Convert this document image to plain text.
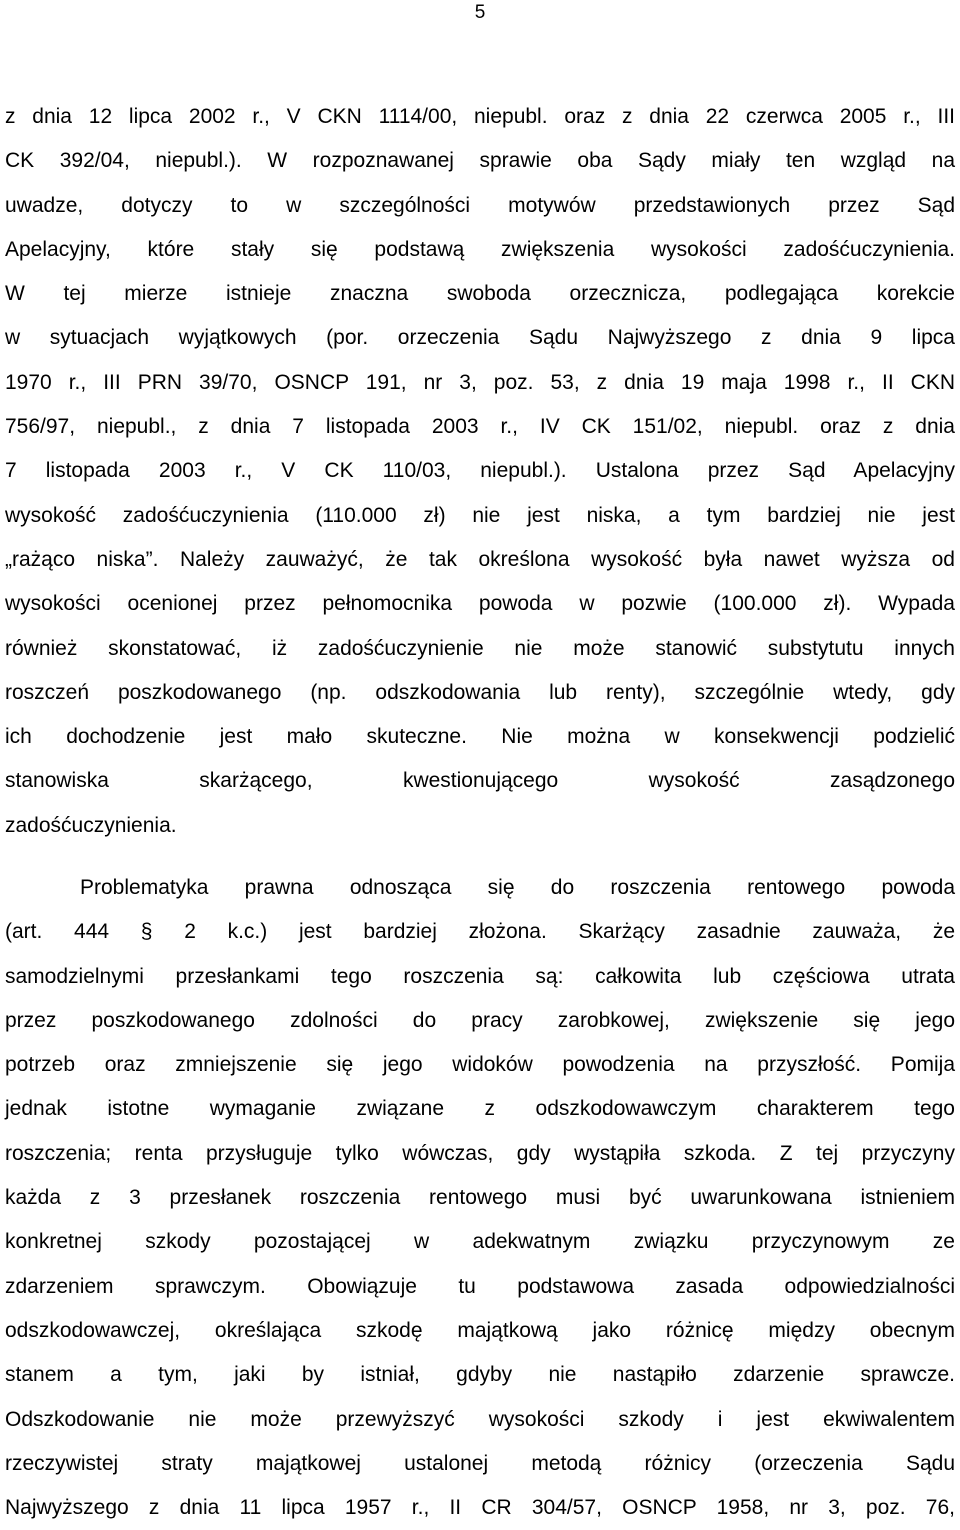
5
z dnia 12 lipca 2002 r., V CKN 1114/00, niepubl. oraz z dnia 22 czerwca 2005 r., III
CK 392/04, niepubl.). W rozpoznawanej sprawie oba Sądy miały ten wzgląd na
uwadze, dotyczy to w szczególności motywów przedstawionych przez Sąd
Apelacyjny, które stały się podstawą zwiększenia wysokości zadośćuczynienia.
W tej mierze istnieje znaczna swoboda orzecznicza, podlegająca korekcie
w sytuacjach wyjątkowych (por. orzeczenia Sądu Najwyższego z dnia 9 lipca
1970 r., III PRN 39/70, OSNCP 191, nr 3, poz. 53, z dnia 19 maja 1998 r., II CKN
756/97, niepubl., z dnia 7 listopada 2003 r., IV CK 151/02, niepubl. oraz z dnia
7 listopada 2003 r., V CK 110/03, niepubl.). Ustalona przez Sąd Apelacyjny
wysokość zadośćuczynienia (110.000 zł) nie jest niska, a tym bardziej nie jest
„rażąco niska”. Należy zauważyć, że tak określona wysokość była nawet wyższa od
wysokości ocenionej przez pełnomocnika powoda w pozwie (100.000 zł). Wypada
również skonstatować, iż zadośćuczynienie nie może stanowić substytutu innych
roszczeń poszkodowanego (np. odszkodowania lub renty), szczególnie wtedy, gdy
ich dochodzenie jest mało skuteczne. Nie można w konsekwencji podzielić
stanowiska skarżącego, kwestionującego wysokość zasądzonego
zadośćuczynienia.
Problematyka prawna odnosząca się do roszczenia rentowego powoda
(art. 444 § 2 k.c.) jest bardziej złożona. Skarżący zasadnie zauważa, że
samodzielnymi przesłankami tego roszczenia są: całkowita lub częściowa utrata
przez poszkodowanego zdolności do pracy zarobkowej, zwiększenie się jego
potrzeb oraz zmniejszenie się jego widoków powodzenia na przyszłość. Pomija
jednak istotne wymaganie związane z odszkodowawczym charakterem tego
roszczenia; renta przysługuje tylko wówczas, gdy wystąpiła szkoda. Z tej przyczyny
każda z 3 przesłanek roszczenia rentowego musi być uwarunkowana istnieniem
konkretnej szkody pozostającej w adekwatnym związku przyczynowym ze
zdarzeniem sprawczym. Obowiązuje tu podstawowa zasada odpowiedzialności
odszkodowawczej, określająca szkodę majątkową jako różnicę między obecnym
stanem a tym, jaki by istniał, gdyby nie nastąpiło zdarzenie sprawcze.
Odszkodowanie nie może przewyższyć wysokości szkody i jest ekwiwalentem
rzeczywistej straty majątkowej ustalonej metodą różnicy (orzeczenia Sądu
Najwyższego z dnia 11 lipca 1957 r., II CR 304/57, OSNCP 1958, nr 3, poz. 76,
